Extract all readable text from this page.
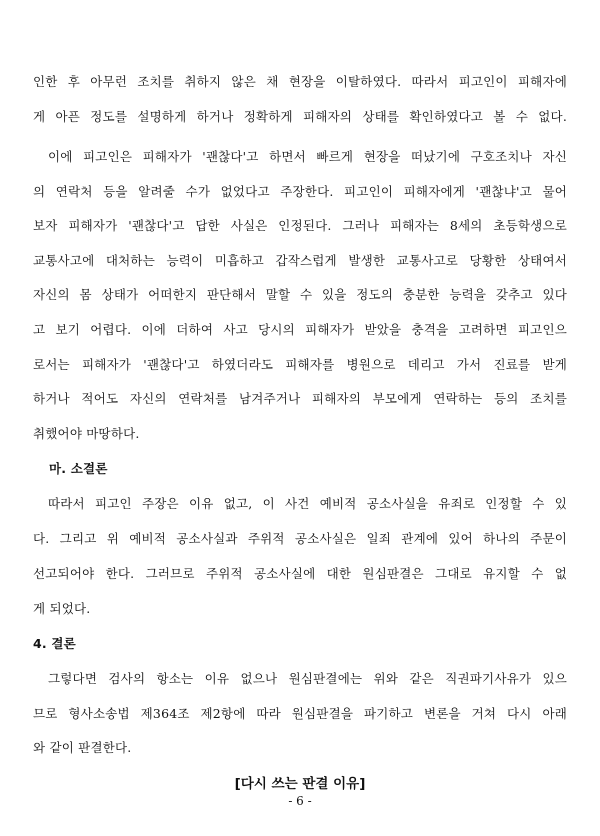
인한 후 아무런 조치를 취하지 않은 채 현장을 이탈하였다. 따라서 피고인이 피해자에
게 아픈 정도를 설명하게 하거나 정확하게 피해자의 상태를 확인하였다고 볼 수 없다.
이에 피고인은 피해자가 '괜찮다'고 하면서 빠르게 현장을 떠났기에 구호조치나 자신
의 연락처 등을 알려줄 수가 없었다고 주장한다. 피고인이 피해자에게 '괜찮냐'고 물어
보자 피해자가 '괜찮다'고 답한 사실은 인정된다. 그러나 피해자는 8세의 초등학생으로
교통사고에 대처하는 능력이 미흡하고 갑작스럽게 발생한 교통사고로 당황한 상태여서
자신의 몸 상태가 어떠한지 판단해서 말할 수 있을 정도의 충분한 능력을 갖추고 있다
고 보기 어렵다. 이에 더하여 사고 당시의 피해자가 받았을 충격을 고려하면 피고인으
로서는 피해자가 '괜찮다'고 하였더라도 피해자를 병원으로 데리고 가서 진료를 받게
하거나 적어도 자신의 연락처를 남겨주거나 피해자의 부모에게 연락하는 등의 조치를
취했어야 마땅하다.
마. 소결론
따라서 피고인 주장은 이유 없고, 이 사건 예비적 공소사실을 유죄로 인정할 수 있
다. 그리고 위 예비적 공소사실과 주위적 공소사실은 일죄 관계에 있어 하나의 주문이
선고되어야 한다. 그러므로 주위적 공소사실에 대한 원심판결은 그대로 유지할 수 없
게 되었다.
4. 결론
그렇다면 검사의 항소는 이유 없으나 원심판결에는 위와 같은 직권파기사유가 있으
므로 형사소송법 제364조 제2항에 따라 원심판결을 파기하고 변론을 거쳐 다시 아래
와 같이 판결한다.
[다시 쓰는 판결 이유]
- 6 -
